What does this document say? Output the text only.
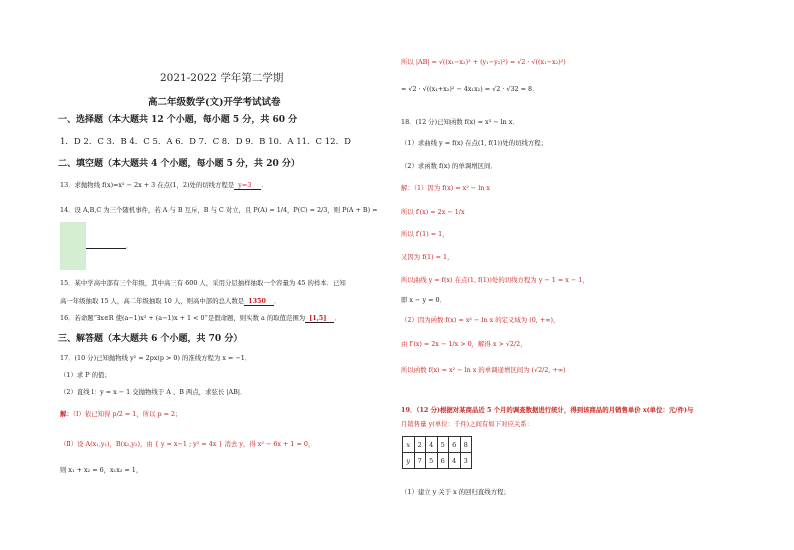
2021-2022 学年第二学期
高二年级数学(文)开学考试试卷
一、选择题（本大题共 12 个小题，每小题 5 分，共 60 分
1．D 2．C 3．B 4．C 5．A 6．D 7．C 8．D 9．B 10．A 11．C 12．D
二、填空题（本大题共 4 个小题，每小题 5 分，共 20 分）
13．求抛物线 f(x)=x² − 2x + 3 在点(1，2)处的切线方程是 y=3 ．
14．设 A,B,C 为三个随机事件，若 A 与 B 互斥，B 与 C 对立，且 P(A) = 1/4，P(C) = 2/3，则 P(A + B) =
．
15．某中学高中部有三个年级，其中高三有 600 人，采用分层抽样抽取一个容量为 45 的样本．已知
高一年级抽取 15 人，高二年级抽取 10 人，则高中部的总人数是 1350 ．
16．若命题“∃x∈R 使(a−1)x² + (a−1)x + 1 < 0”是假命题，则实数 a 的取值范围为 [1,5] ．
三、解答题（本大题共 6 个小题，共 70 分）
17．(10 分)已知抛物线 y² = 2px(p > 0) 的准线方程为 x = −1．
（1）求 P 的值；
（2）直线 l：y = x − 1 交抛物线于 A 、B 两点，求弦长 |AB|．
解：（Ⅰ）依已知得 p/2 = 1，所以 p = 2；
（Ⅱ）设 A(x₁,y₁)，B(x₂,y₂)，由 { y = x−1 ; y² = 4x } 消去 y，得 x² − 6x + 1 = 0，
则 x₁ + x₂ = 6，x₁x₂ = 1，
所以 |AB| = √((x₁−x₂)² + (y₁−y₂)²) = √2 · √((x₁−x₂)²)
= √2 · √((x₁+x₂)² − 4x₁x₂) = √2 · √32 = 8．
18．(12 分)已知函数 f(x) = x³ − ln x．
（1）求曲线 y = f(x) 在点(1, f(1))处的切线方程；
（2）求函数 f(x) 的单调增区间．
解：（1）因为 f(x) = x² − ln x
所以 f′(x) = 2x − 1/x
所以 f′(1) = 1，
又因为 f(1) = 1，
所以曲线 y = f(x) 在点(1, f(1))处的切线方程为 y − 1 = x − 1，
即 x − y = 0．
（2）因为函数 f(x) = x² − ln x 的定义域为 (0, +∞)，
由 f′(x) = 2x − 1/x > 0，解得 x > √2/2，
所以函数 f(x) = x² − ln x 的单调递增区间为 (√2/2, +∞)
19．（12 分)根据对某商品近 5 个月的调查数据进行统计，得到该商品的月销售单价 x(单位：元/件)与
月销售量 y(单位：千件)之间有如下对应关系：
（1）建立 y 关于 x 的回归直线方程；
x	2	4	5	6	8
y	7	5	6	4	3
